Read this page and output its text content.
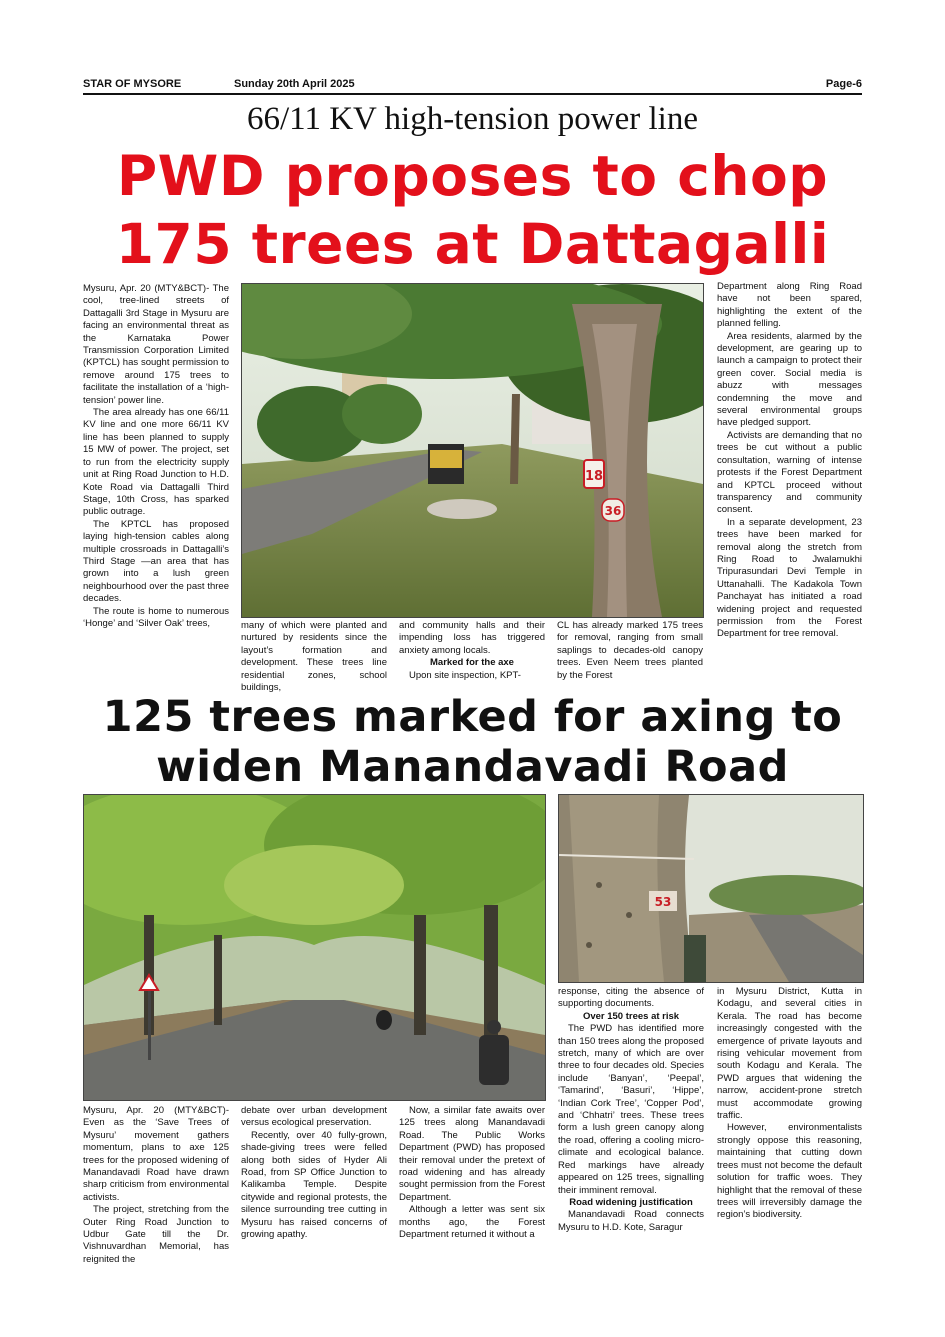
STAR OF MYSORE	Sunday 20th April 2025	Page-6
66/11 KV high-tension power line
PWD proposes to chop
175 trees at Dattagalli

Mysuru, Apr. 20 (MTY&BCT)- The cool, tree-lined streets of Dattagalli 3rd Stage in Mysuru are facing an environmental threat as the Karnataka Power Transmission Corporation Limited (KPTCL) has sought permission to remove around 175 trees to facilitate the installation of a ‘high-tension’ power line.

The area already has one 66/11 KV line and one more 66/11 KV line has been planned to supply 15 MW of power. The project, set to run from the electricity supply unit at Ring Road Junction to H.D. Kote Road via Dattagalli Third Stage, 10th Cross, has sparked public outrage.

The KPTCL has proposed laying high-tension cables along multiple crossroads in Dattagalli’s Third Stage —an area that has grown into a lush green neighbourhood over the past three decades.

The route is home to numerous ‘Honge’ and ‘Silver Oak’ trees,

18
36

many of which were planted and nurtured by residents since the layout’s formation and development. These trees line residential zones, school buildings,

and community halls and their impending loss has triggered anxiety among locals.

Marked for the axe

Upon site inspection, KPT-

CL has already marked 175 trees for removal, ranging from small saplings to decades-old canopy trees. Even Neem trees planted by the Forest

Department along Ring Road have not been spared, highlighting the extent of the planned felling.

Area residents, alarmed by the development, are gearing up to launch a campaign to protect their green cover. Social media is abuzz with messages condemning the move and several environmental groups have pledged support.

Activists are demanding that no trees be cut without a public consultation, warning of intense protests if the Forest Department and KPTCL proceed without transparency and community consent.

In a separate development, 23 trees have been marked for removal along the stretch from Ring Road to Jwalamukhi Tripurasundari Devi Temple in Uttanahalli. The Kadakola Town Panchayat has initiated a road widening project and requested permission from the Forest Department for tree removal.

125 trees marked for axing to
widen Manandavadi Road
53

Mysuru, Apr. 20 (MTY&BCT)- Even as the ‘Save Trees of Mysuru’ movement gathers momentum, plans to axe 125 trees for the proposed widening of Manandavadi Road have drawn sharp criticism from environmental activists.

The project, stretching from the Outer Ring Road Junction to Udbur Gate till the Dr. Vishnuvardhan Memorial, has reignited the

debate over urban development versus ecological preservation.

Recently, over 40 fully-grown, shade-giving trees were felled along both sides of Hyder Ali Road, from SP Office Junction to Kalikamba Temple. Despite citywide and regional protests, the silence surrounding tree cutting in Mysuru has raised concerns of growing apathy.

Now, a similar fate awaits over 125 trees along Manandavadi Road. The Public Works Department (PWD) has proposed their removal under the pretext of road widening and has already sought permission from the Forest Department.

Although a letter was sent six months ago, the Forest Department returned it without a

response, citing the absence of supporting documents.

Over 150 trees at risk

The PWD has identified more than 150 trees along the proposed stretch, many of which are over three to four decades old. Species include ‘Banyan’, ‘Peepal’, ‘Tamarind’, ‘Basuri’, ‘Hippe’, ‘Indian Cork Tree’, ‘Copper Pod’, and ‘Chhatri’ trees. These trees form a lush green canopy along the road, offering a cooling micro-climate and ecological balance. Red markings have already appeared on 125 trees, signalling their imminent removal.

Road widening justification

Manandavadi Road connects Mysuru to H.D. Kote, Saragur

in Mysuru District, Kutta in Kodagu, and several cities in Kerala. The road has become increasingly congested with the emergence of private layouts and rising vehicular movement from south Kodagu and Kerala. The PWD argues that widening the narrow, accident-prone stretch must accommodate growing traffic.

However, environmentalists strongly oppose this reasoning, maintaining that cutting down trees must not become the default solution for traffic woes. They highlight that the removal of these trees will irreversibly damage the region’s biodiversity.
